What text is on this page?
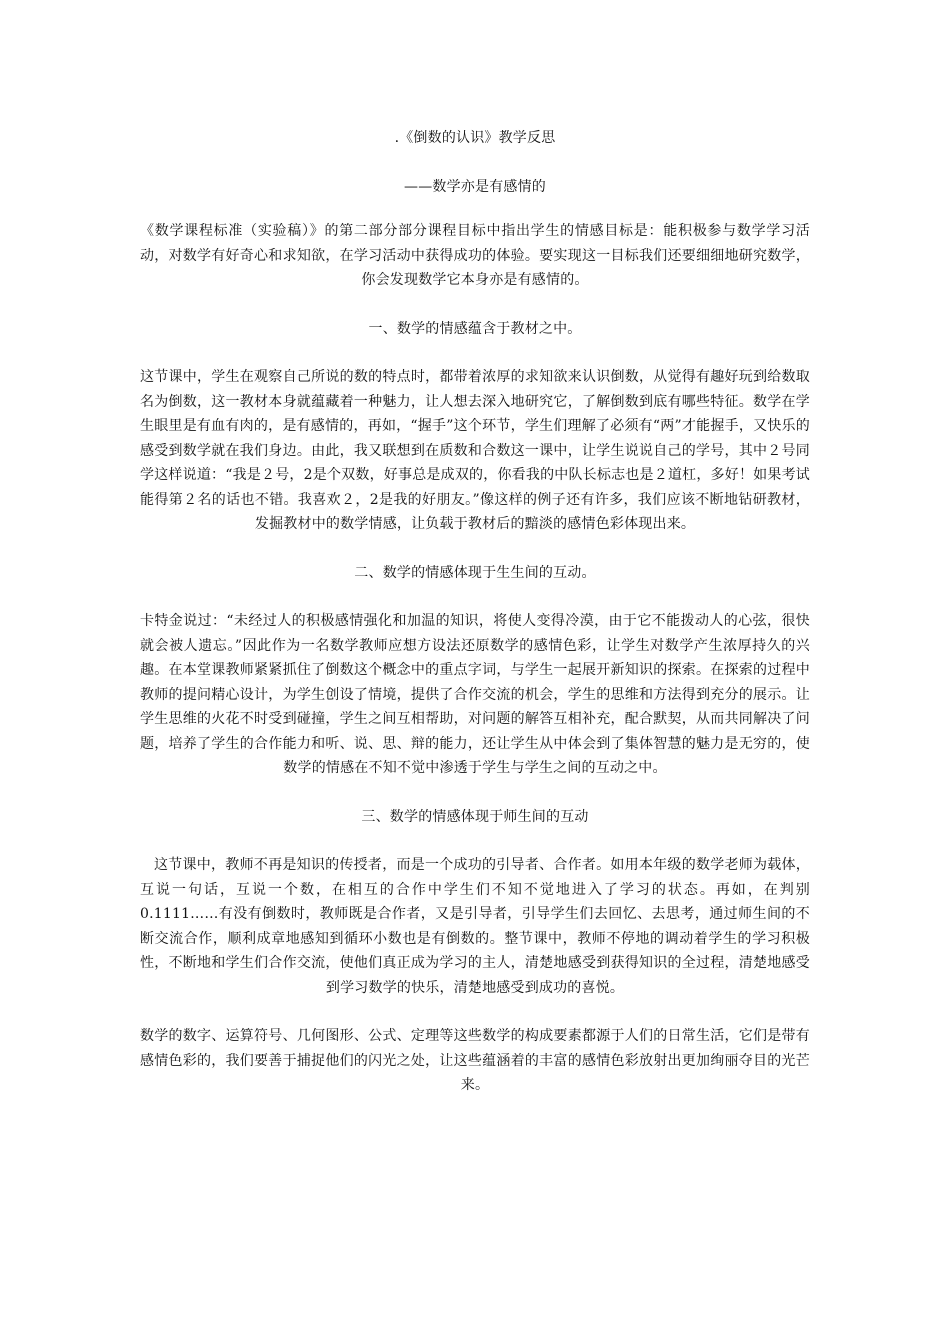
.《倒数的认识》教学反思
——数学亦是有感情的
《数学课程标准（实验稿）》的第二部分部分课程目标中指出学生的情感目标是：能积极参与数学学习活动，对数学有好奇心和求知欲，在学习活动中获得成功的体验。要实现这一目标我们还要细细地研究数学，你会发现数学它本身亦是有感情的。
一、数学的情感蕴含于教材之中。
这节课中，学生在观察自己所说的数的特点时，都带着浓厚的求知欲来认识倒数，从觉得有趣好玩到给数取名为倒数，这一教材本身就蕴藏着一种魅力，让人想去深入地研究它，了解倒数到底有哪些特征。数学在学生眼里是有血有肉的，是有感情的，再如，“握手”这个环节，学生们理解了必须有“两”才能握手，又快乐的感受到数学就在我们身边。由此，我又联想到在质数和合数这一课中，让学生说说自己的学号，其中２号同学这样说道：“我是２号，2是个双数，好事总是成双的，你看我的中队长标志也是２道杠，多好！如果考试能得第２名的话也不错。我喜欢２，2是我的好朋友。”像这样的例子还有许多，我们应该不断地钻研教材，发掘教材中的数学情感，让负载于教材后的黯淡的感情色彩体现出来。
二、数学的情感体现于生生间的互动。
卡特金说过：“未经过人的积极感情强化和加温的知识，将使人变得冷漠，由于它不能拨动人的心弦，很快就会被人遗忘。”因此作为一名数学教师应想方设法还原数学的感情色彩，让学生对数学产生浓厚持久的兴趣。在本堂课教师紧紧抓住了倒数这个概念中的重点字词，与学生一起展开新知识的探索。在探索的过程中教师的提问精心设计，为学生创设了情境，提供了合作交流的机会，学生的思维和方法得到充分的展示。让学生思维的火花不时受到碰撞，学生之间互相帮助，对问题的解答互相补充，配合默契，从而共同解决了问题，培养了学生的合作能力和听、说、思、辩的能力，还让学生从中体会到了集体智慧的魅力是无穷的，使数学的情感在不知不觉中渗透于学生与学生之间的互动之中。
三、数学的情感体现于师生间的互动
这节课中，教师不再是知识的传授者，而是一个成功的引导者、合作者。如用本年级的数学老师为载体，互说一句话，互说一个数，在相互的合作中学生们不知不觉地进入了学习的状态。再如，在判别0.1111……有没有倒数时，教师既是合作者，又是引导者，引导学生们去回忆、去思考，通过师生间的不断交流合作，顺利成章地感知到循环小数也是有倒数的。整节课中，教师不停地的调动着学生的学习积极性，不断地和学生们合作交流，使他们真正成为学习的主人，清楚地感受到获得知识的全过程，清楚地感受到学习数学的快乐，清楚地感受到成功的喜悦。
数学的数字、运算符号、几何图形、公式、定理等这些数学的构成要素都源于人们的日常生活，它们是带有感情色彩的，我们要善于捕捉他们的闪光之处，让这些蕴涵着的丰富的感情色彩放射出更加绚丽夺目的光芒来。
